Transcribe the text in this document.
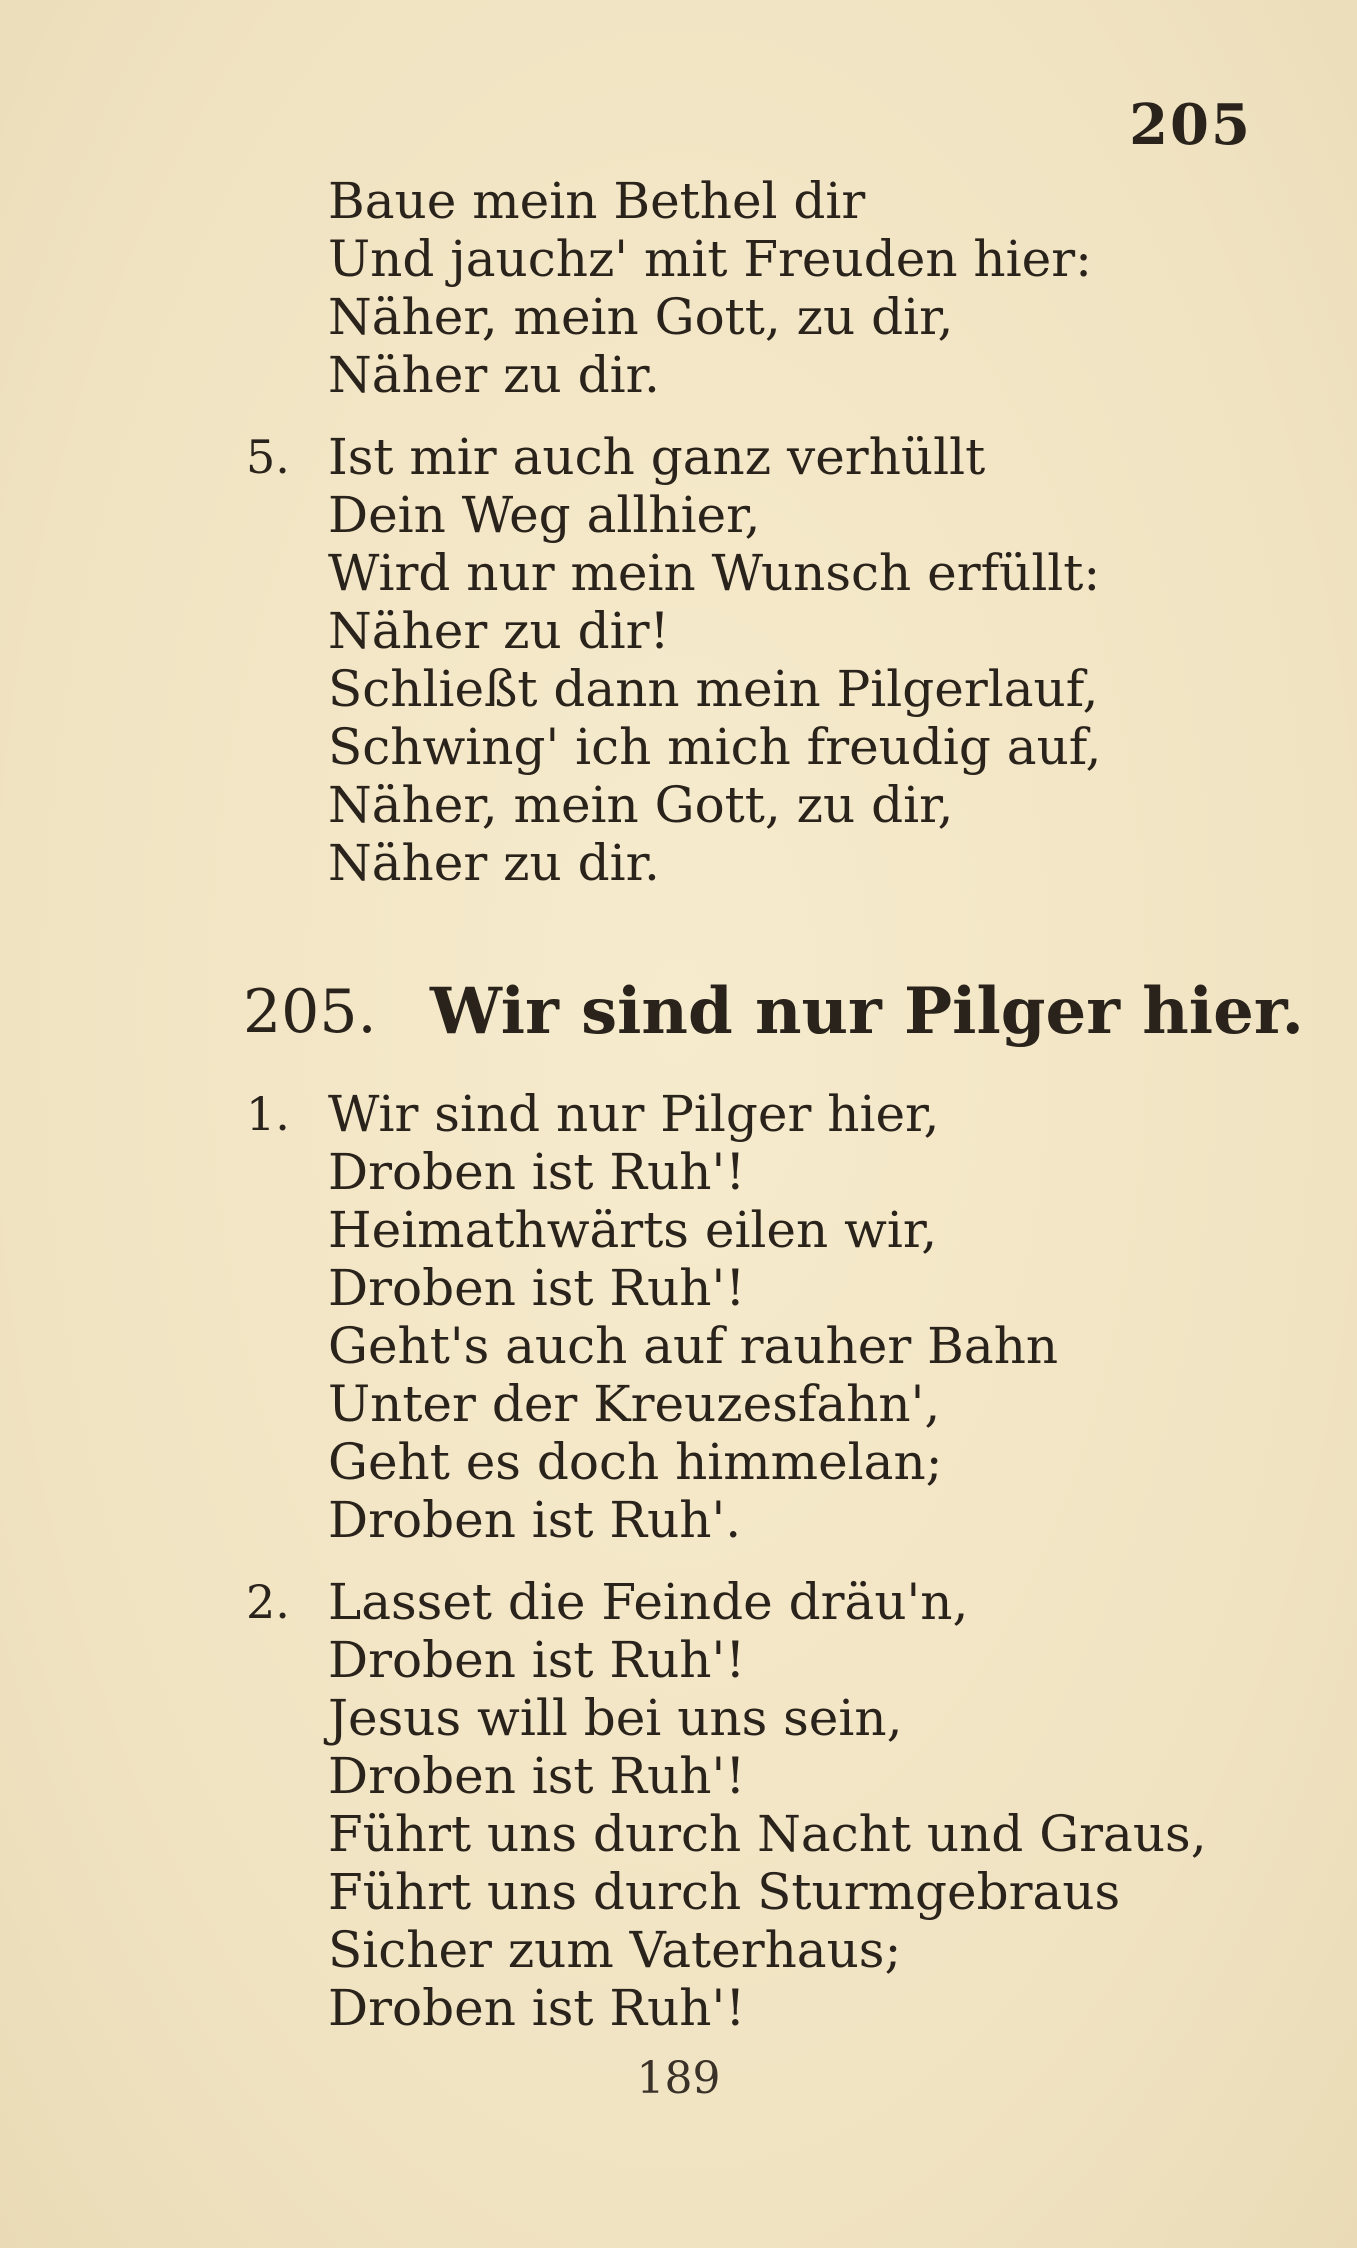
205
Baue mein Bethel dir
Und jauchz' mit Freuden hier:
Näher, mein Gott, zu dir,
Näher zu dir.
5. Ist mir auch ganz verhüllt
Dein Weg allhier,
Wird nur mein Wunsch erfüllt:
Näher zu dir!
Schließt dann mein Pilgerlauf,
Schwing' ich mich freudig auf,
Näher, mein Gott, zu dir,
Näher zu dir.
205. Wir sind nur Pilger hier.
1. Wir sind nur Pilger hier,
Droben ist Ruh'!
Heimathwärts eilen wir,
Droben ist Ruh'!
Geht's auch auf rauher Bahn
Unter der Kreuzesfahn',
Geht es doch himmelan;
Droben ist Ruh'.
2. Lasset die Feinde dräu'n,
Droben ist Ruh'!
Jesus will bei uns sein,
Droben ist Ruh'!
Führt uns durch Nacht und Graus,
Führt uns durch Sturmgebraus
Sicher zum Vaterhaus;
Droben ist Ruh'!
189
